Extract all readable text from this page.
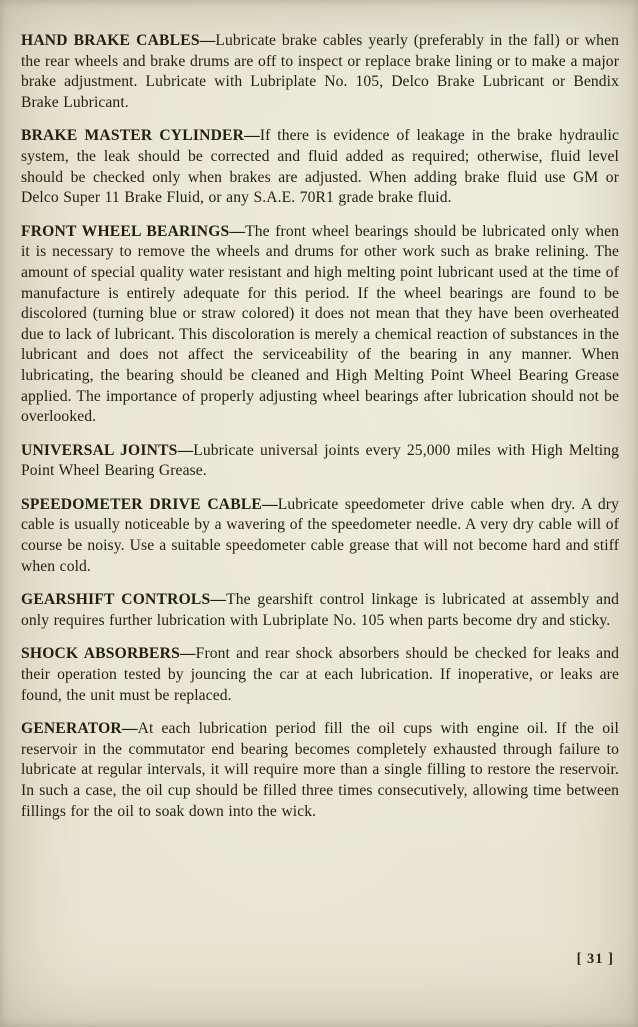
HAND BRAKE CABLES—Lubricate brake cables yearly (preferably in the fall) or when the rear wheels and brake drums are off to inspect or replace brake lining or to make a major brake adjustment. Lubricate with Lubriplate No. 105, Delco Brake Lubricant or Bendix Brake Lubricant.

BRAKE MASTER CYLINDER—If there is evidence of leakage in the brake hydraulic system, the leak should be corrected and fluid added as required; otherwise, fluid level should be checked only when brakes are adjusted. When adding brake fluid use GM or Delco Super 11 Brake Fluid, or any S.A.E. 70R1 grade brake fluid.

FRONT WHEEL BEARINGS—The front wheel bearings should be lubricated only when it is necessary to remove the wheels and drums for other work such as brake relining. The amount of special quality water resistant and high melting point lubricant used at the time of manufacture is entirely adequate for this period. If the wheel bearings are found to be discolored (turning blue or straw colored) it does not mean that they have been overheated due to lack of lubricant. This discoloration is merely a chemical reaction of substances in the lubricant and does not affect the serviceability of the bearing in any manner. When lubricating, the bearing should be cleaned and High Melting Point Wheel Bearing Grease applied. The importance of properly adjusting wheel bearings after lubrication should not be overlooked.

UNIVERSAL JOINTS—Lubricate universal joints every 25,000 miles with High Melting Point Wheel Bearing Grease.

SPEEDOMETER DRIVE CABLE—Lubricate speedometer drive cable when dry. A dry cable is usually noticeable by a wavering of the speedometer needle. A very dry cable will of course be noisy. Use a suitable speedometer cable grease that will not become hard and stiff when cold.

GEARSHIFT CONTROLS—The gearshift control linkage is lubricated at assembly and only requires further lubrication with Lubriplate No. 105 when parts become dry and sticky.

SHOCK ABSORBERS—Front and rear shock absorbers should be checked for leaks and their operation tested by jouncing the car at each lubrication. If inoperative, or leaks are found, the unit must be replaced.

GENERATOR—At each lubrication period fill the oil cups with engine oil. If the oil reservoir in the commutator end bearing becomes completely exhausted through failure to lubricate at regular intervals, it will require more than a single filling to restore the reservoir. In such a case, the oil cup should be filled three times consecutively, allowing time between fillings for the oil to soak down into the wick.

[ 31 ]
